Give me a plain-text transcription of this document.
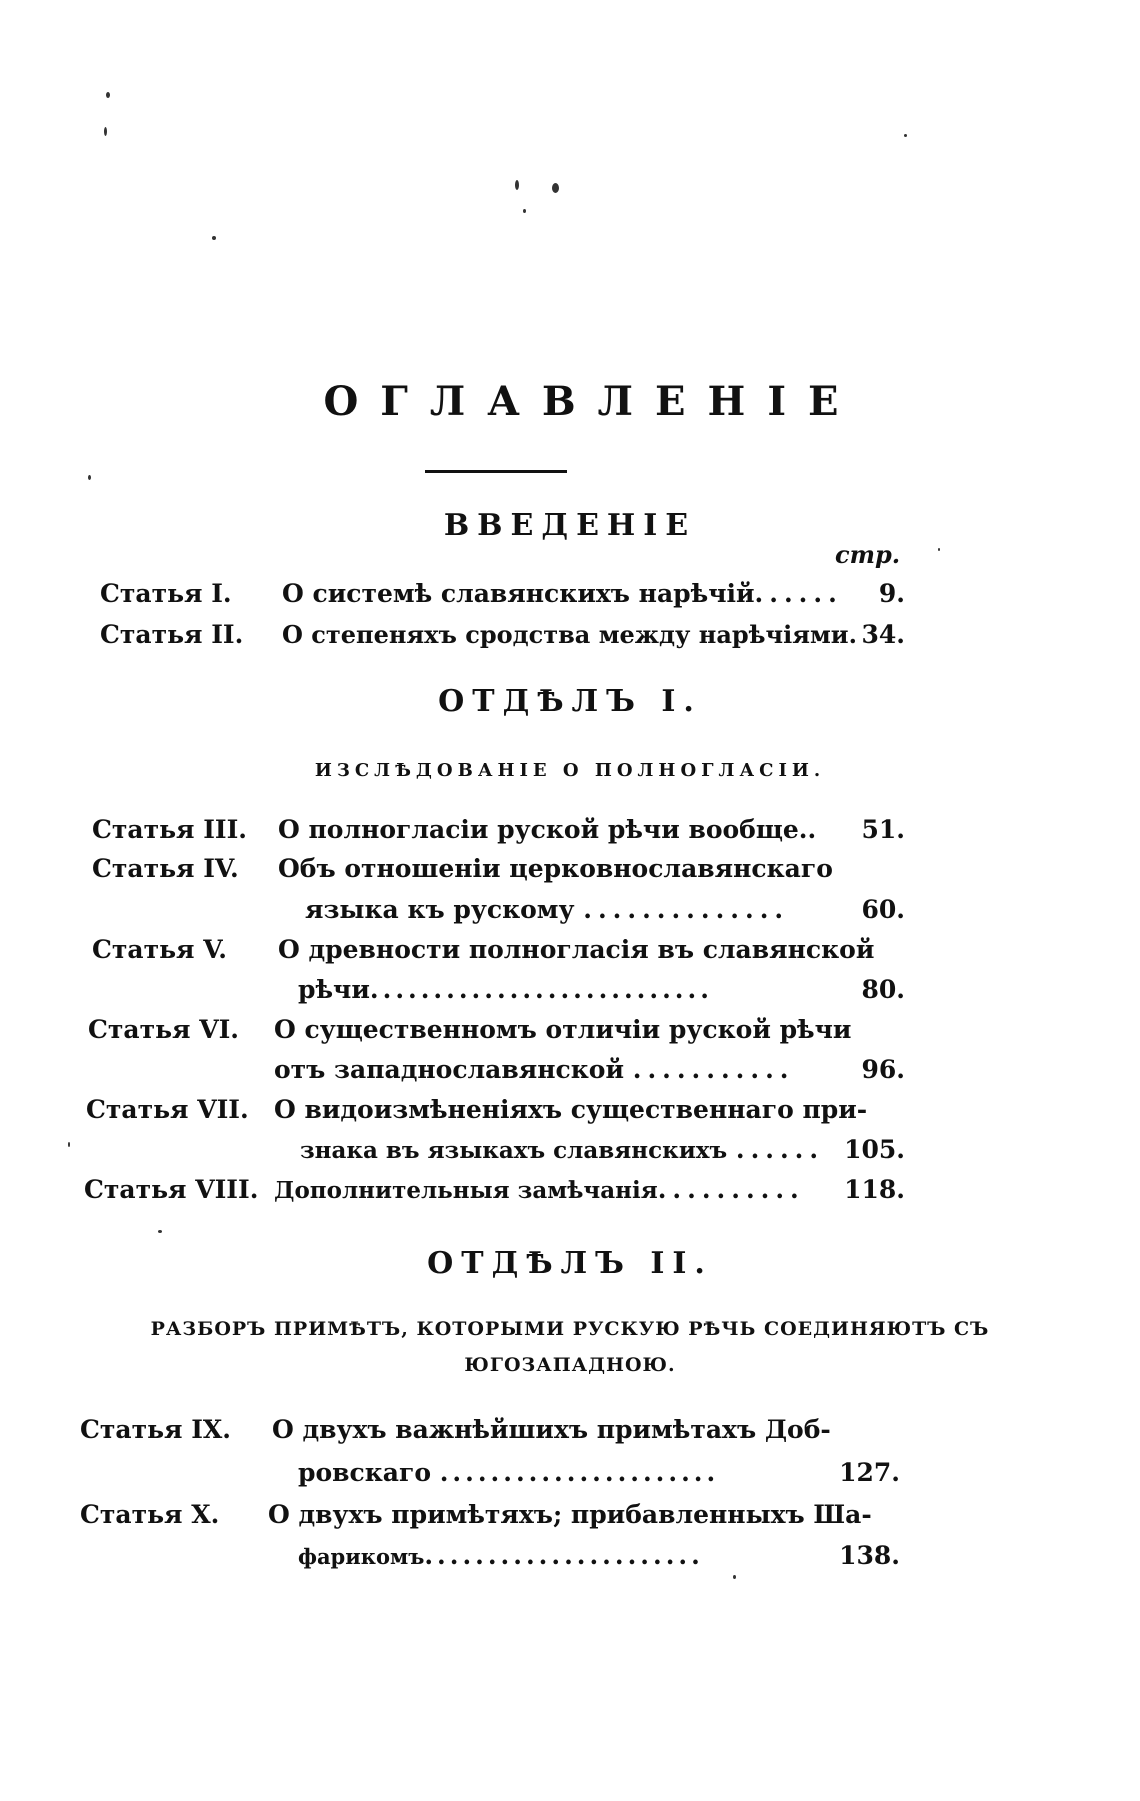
ОГЛАВЛЕНIЕ
ВВЕДЕНIЕ
стр.
Статья I. О системѣ славянскихъ нарѣчiй......	9.
Статья II. О степеняхъ сродства между нарѣчiями. 34.
ОТДѢЛЪ I.
ИЗСЛѢДОВАНIЕ О ПОЛНОГЛАСIИ.
Статья III. О полногласiи руской рѣчи вообще..	51.
Статья IV. Объ отношенiи церковнославянскаго
языка къ рускому ..............	60.
Статья V. О древности полногласiя въ славянской
рѣчи...........................	80.
Статья VI. О существенномъ отличiи руской рѣчи
отъ западнославянской ...........	96.
Статья VII. О видоизмѣненiяхъ существеннаго при-
знака въ языкахъ славянскихъ ...... 105.
Статья VIII. Дополнительныя замѣчанiя..........	118.
ОТДѢЛЪ II.
РАЗБОРЪ ПРИМѢТЪ, КОТОРЫМИ РУСКУЮ РѢЧЬ СОЕДИНЯЮТЪ СЪ
ЮГОЗАПАДНОЮ.
Статья IX. О двухъ важнѣйшихъ примѣтахъ Доб-
ровскаго ......................	127.
Статья X. О двухъ примѣтяхъ; прибавленныхъ Ша-
фарикомъ......................	138.
